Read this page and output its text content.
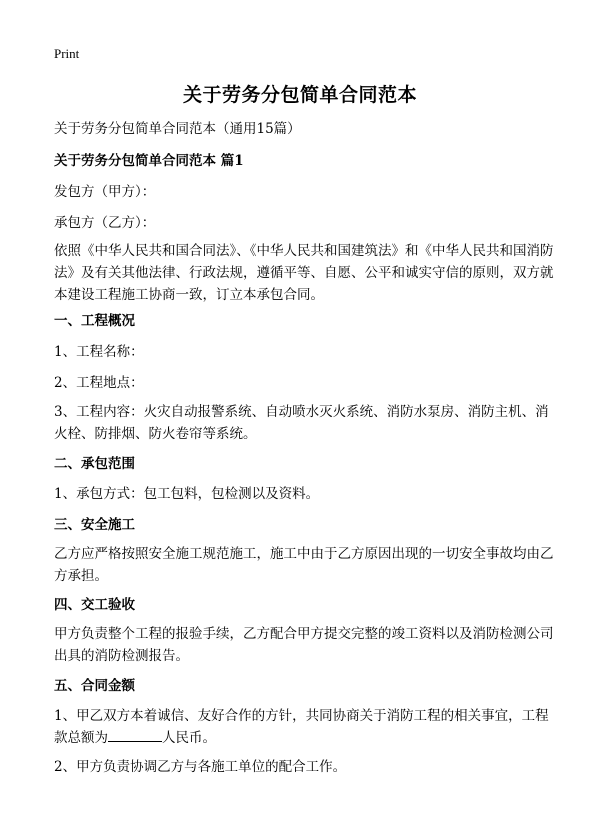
Print
关于劳务分包简单合同范本

关于劳务分包简单合同范本（通用15篇）

关于劳务分包简单合同范本 篇1

发包方（甲方）：

承包方（乙方）：

依照《中华人民共和国合同法》、《中华人民共和国建筑法》和《中华人民共和国消防法》及有关其他法律、行政法规，遵循平等、自愿、公平和诚实守信的原则，双方就本建设工程施工协商一致，订立本承包合同。

一、工程概况

1、工程名称：

2、工程地点：

3、工程内容：火灾自动报警系统、自动喷水灭火系统、消防水泵房、消防主机、消火栓、防排烟、防火卷帘等系统。

二、承包范围

1、承包方式：包工包料，包检测以及资料。

三、安全施工

乙方应严格按照安全施工规范施工，施工中由于乙方原因出现的一切安全事故均由乙方承担。

四、交工验收

甲方负责整个工程的报验手续，乙方配合甲方提交完整的竣工资料以及消防检测公司出具的消防检测报告。

五、合同金额

1、甲乙双方本着诚信、友好合作的方针，共同协商关于消防工程的相关事宜，工程款总额为	人民币。

2、甲方负责协调乙方与各施工单位的配合工作。
